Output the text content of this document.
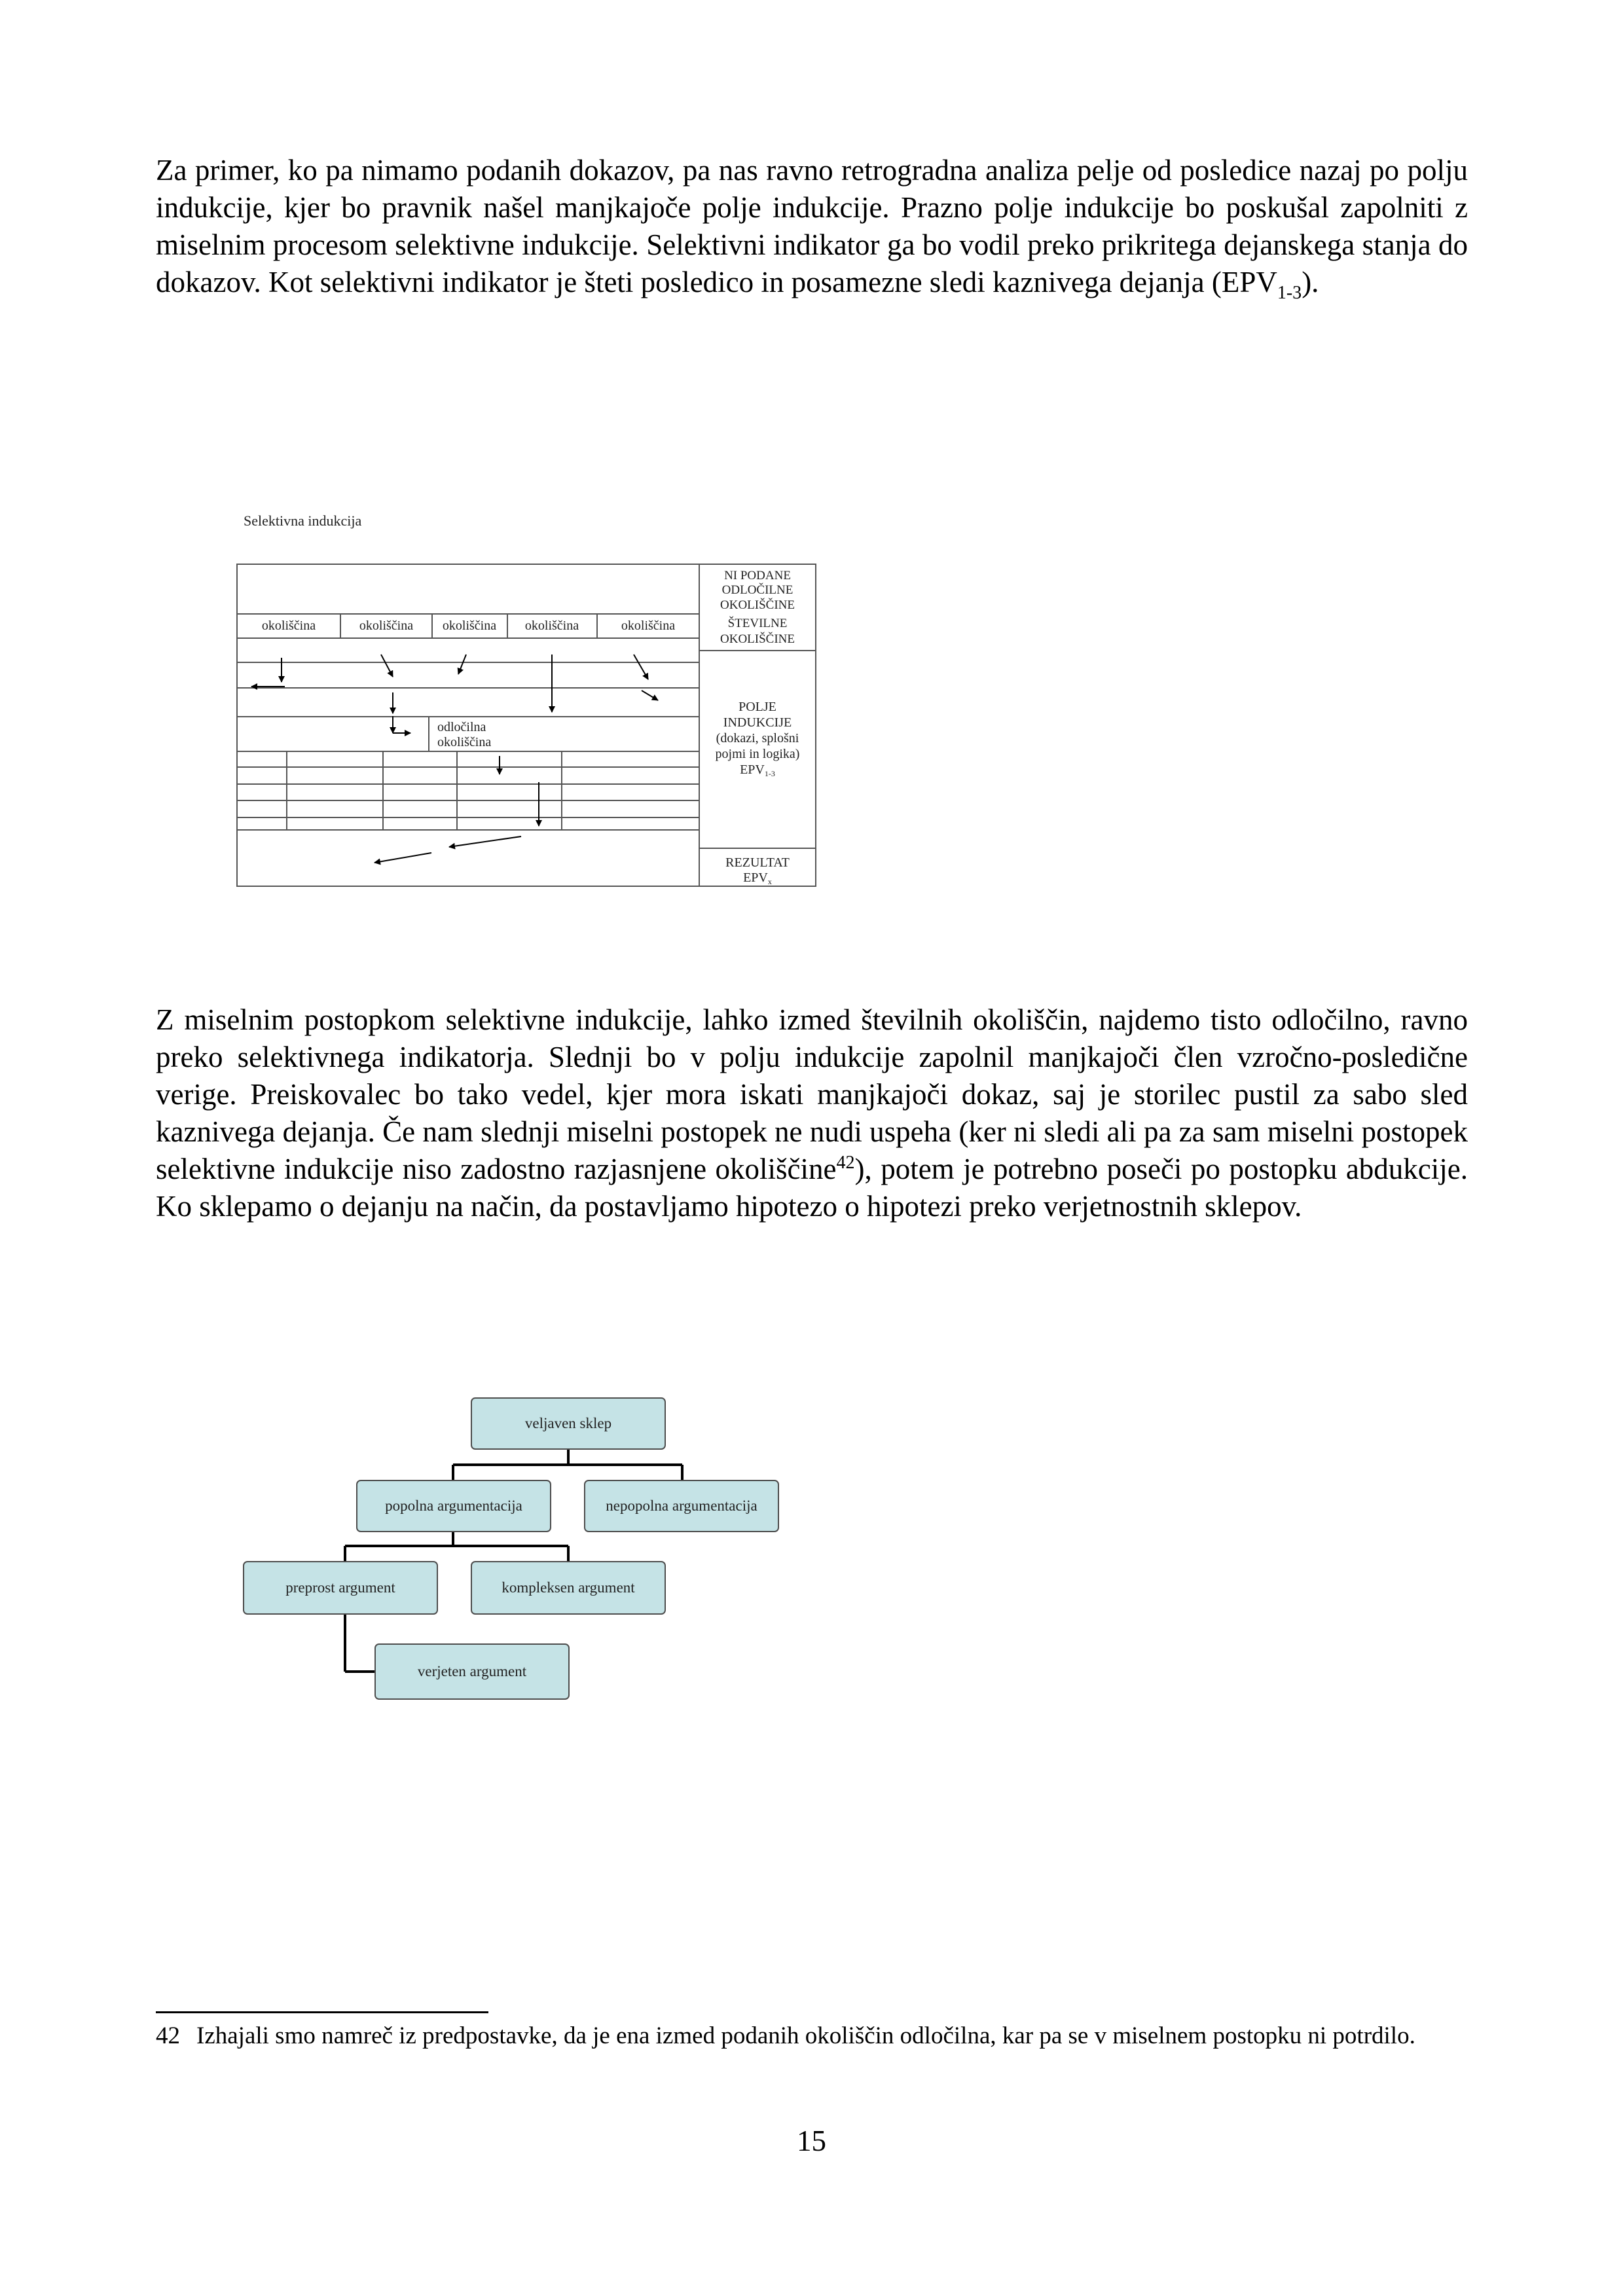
Za primer, ko pa nimamo podanih dokazov, pa nas ravno retrogradna analiza pelje od posledice nazaj po polju indukcije, kjer bo pravnik našel manjkajoče polje indukcije. Prazno polje indukcije bo poskušal zapolniti z miselnim procesom selektivne indukcije. Selektivni indikator ga bo vodil preko prikritega dejanskega stanja do dokazov. Kot selektivni indikator je šteti posledico in posamezne sledi kaznivega dejanja $(EPV_{1-3})$.

Selektivna indukcija
okoliščina	okoliščina okoliščina okoliščina	okoliščina
NI PODANE
ODLOČILNE
OKOLIŠČINE
ŠTEVILNE
OKOLIŠČINE
odločilna
okoliščina
POLJE
INDUKCIJE
(dokazi, splošni
pojmi in logika)
$EPV_{1-3}$
REZULTAT
$EPV_x$

Z miselnim postopkom selektivne indukcije, lahko izmed številnih okoliščin, najdemo tisto odločilno, ravno preko selektivnega indikatorja. Slednji bo v polju indukcije zapolnil manjkajoči člen vzročno-posledične verige. Preiskovalec bo tako vedel, kjer mora iskati manjkajoči dokaz, saj je storilec pustil za sabo sled kaznivega dejanja. Če nam slednji miselni postopek ne nudi uspeha (ker ni sledi ali pa za sam miselni postopek selektivne indukcije niso zadostno razjasnjene okoliščine$^{42}$), potem je potrebno poseči po postopku abdukcije. Ko sklepamo o dejanju na način, da postavljamo hipotezo o hipotezi preko verjetnostnih sklepov.

veljaven sklep
popolna argumentacija	nepopolna argumentacija
preprost argument	kompleksen argument
verjeten argument
42 Izhajali smo namreč iz predpostavke, da je ena izmed podanih okoliščin odločilna, kar pa se v miselnem postopku ni potrdilo.
15
